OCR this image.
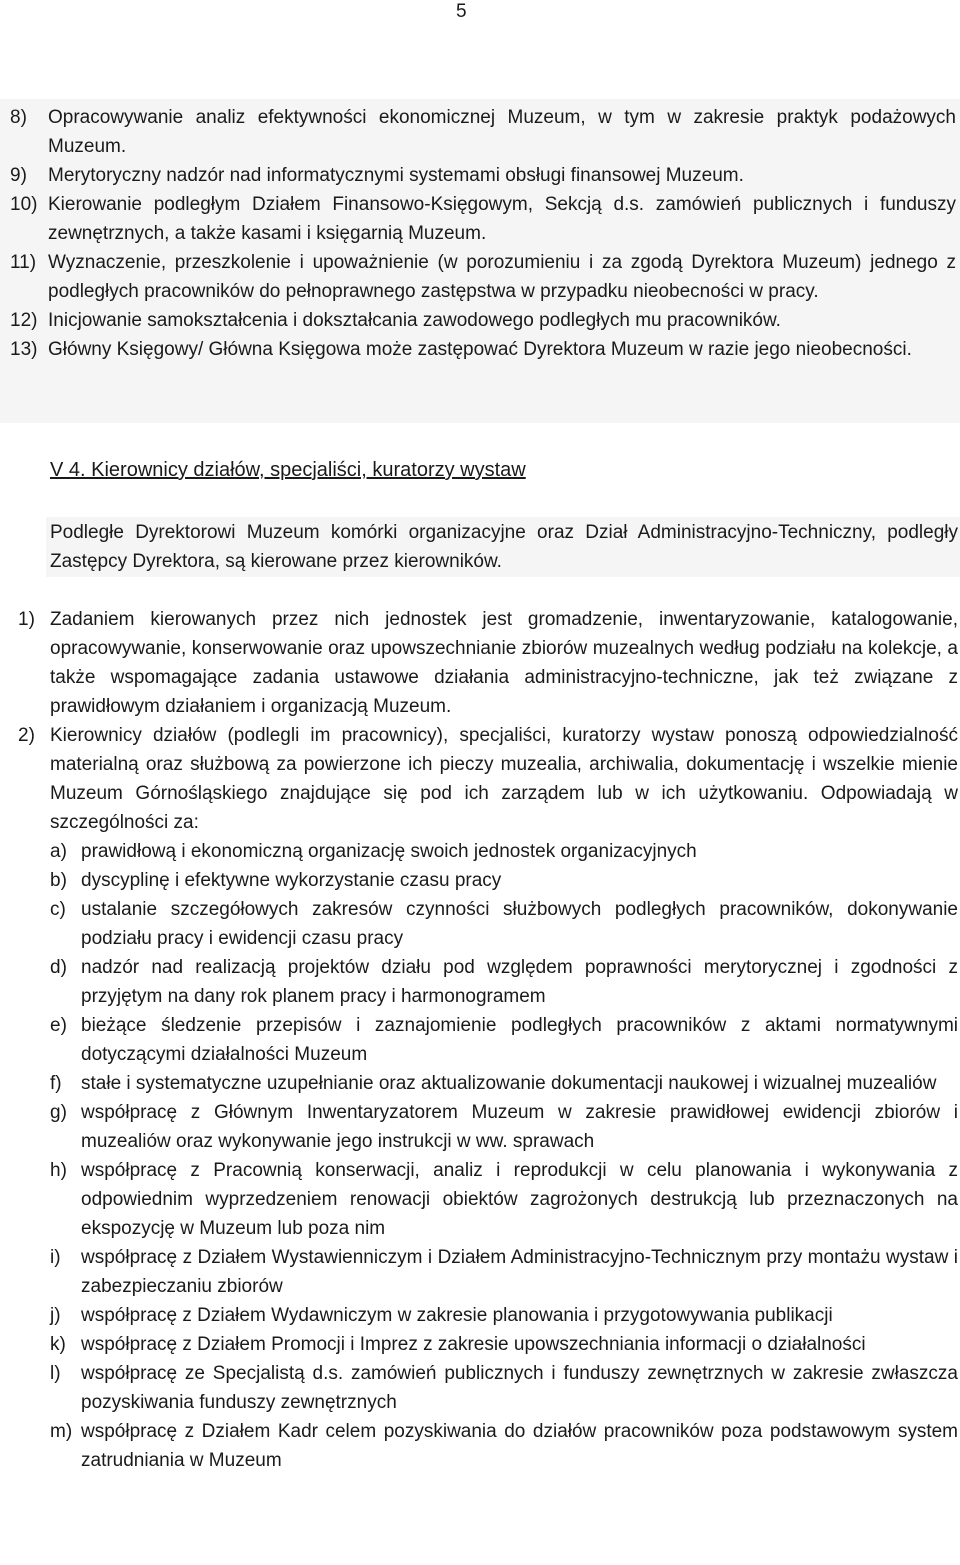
5
8)	Opracowywanie analiz efektywności ekonomicznej Muzeum, w tym w zakresie praktyk podażowych Muzeum.
9)	Merytoryczny nadzór nad informatycznymi systemami obsługi finansowej Muzeum.
10) Kierowanie podległym Działem Finansowo-Księgowym, Sekcją d.s. zamówień publicznych i funduszy zewnętrznych, a także kasami i księgarnią Muzeum.
11) Wyznaczenie, przeszkolenie i upoważnienie (w porozumieniu i za zgodą Dyrektora Muzeum) jednego z podległych pracowników do pełnoprawnego zastępstwa w przypadku nieobecności w pracy.
12) Inicjowanie samokształcenia i dokształcania zawodowego podległych mu pracowników.
13) Główny Księgowy/ Główna Księgowa może zastępować Dyrektora Muzeum w razie jego nieobecności.
V 4. Kierownicy działów, specjaliści, kuratorzy wystaw
Podległe Dyrektorowi Muzeum komórki organizacyjne oraz Dział Administracyjno-Techniczny, podległy Zastępcy Dyrektora, są kierowane przez kierowników.
1) Zadaniem kierowanych przez nich jednostek jest gromadzenie, inwentaryzowanie, katalogowanie, opracowywanie, konserwowanie oraz upowszechnianie zbiorów muzealnych według podziału na kolekcje, a także wspomagające zadania ustawowe działania administracyjno-techniczne, jak też związane z prawidłowym działaniem i organizacją Muzeum.
2) Kierownicy działów (podlegli im pracownicy), specjaliści, kuratorzy wystaw ponoszą odpowiedzialność materialną oraz służbową za powierzone ich pieczy muzealia, archiwalia, dokumentację i wszelkie mienie Muzeum Górnośląskiego znajdujące się pod ich zarządem lub w ich użytkowaniu. Odpowiadają w szczególności za:
a) prawidłową i ekonomiczną organizację swoich jednostek organizacyjnych
b) dyscyplinę i efektywne wykorzystanie czasu pracy
c) ustalanie szczegółowych zakresów czynności służbowych podległych pracowników, dokonywanie podziału pracy i ewidencji czasu pracy
d) nadzór nad realizacją projektów działu pod względem poprawności merytorycznej i zgodności z przyjętym na dany rok planem pracy i harmonogramem
e) bieżące śledzenie przepisów i zaznajomienie podległych pracowników z aktami normatywnymi dotyczącymi działalności Muzeum
f)	stałe i systematyczne uzupełnianie oraz aktualizowanie dokumentacji naukowej i wizualnej muzealiów
g) współpracę z Głównym Inwentaryzatorem Muzeum w zakresie prawidłowej ewidencji zbiorów i muzealiów oraz wykonywanie jego instrukcji w ww. sprawach
h) współpracę z Pracownią konserwacji, analiz i reprodukcji w celu planowania i wykonywania z odpowiednim wyprzedzeniem renowacji obiektów zagrożonych destrukcją lub przeznaczonych na ekspozycję w Muzeum lub poza nim
i)	współpracę z Działem Wystawienniczym i Działem Administracyjno-Technicznym przy montażu wystaw i zabezpieczaniu zbiorów
j)	współpracę z Działem Wydawniczym w zakresie planowania i przygotowywania publikacji
k) współpracę z Działem Promocji i Imprez z zakresie upowszechniania informacji o działalności
l)	współpracę ze Specjalistą d.s. zamówień publicznych i funduszy zewnętrznych w zakresie zwłaszcza pozyskiwania funduszy zewnętrznych
m) współpracę z Działem Kadr celem pozyskiwania do działów pracowników poza podstawowym system zatrudniania w Muzeum
